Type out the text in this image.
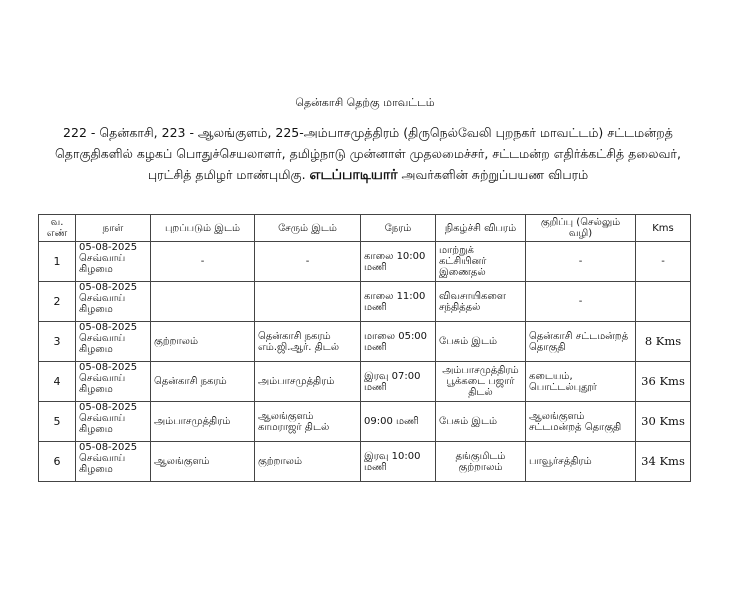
தென்காசி தெற்கு மாவட்டம்
222 - தென்காசி, 223 - ஆலங்குளம், 225-அம்பாசமுத்திரம் (திருநெல்வேலி புறநகர் மாவட்டம்) சட்டமன்றத் தொகுதிகளில் கழகப் பொதுச்செயலாளர், தமிழ்நாடு முன்னாள் முதலமைச்சர், சட்டமன்ற எதிர்க்கட்சித் தலைவர், புரட்சித் தமிழர் மாண்புமிகு. எடப்பாடியார் அவர்களின் சுற்றுப்பயண விபரம்
வ. எண்	நாள்	புறப்படும் இடம்	சேரும் இடம்	நேரம்	நிகழ்ச்சி விபரம்	குறிப்பு (செல்லும் வழி)	Kms
1	05-08-2025 செவ்வாய் கிழமை	-	-	காலை 10:00 மணி	மாற்றுக் கட்சியினர் இணைதல்	-	-
2	05-08-2025 செவ்வாய் கிழமை			காலை 11:00 மணி	விவசாயிகளை சந்தித்தல்	-	
3	05-08-2025 செவ்வாய் கிழமை	குற்றாலம்	தென்காசி நகரம் எம்.ஜி.ஆர். திடல்	மாலை 05:00 மணி	பேசும் இடம்	தென்காசி சட்டமன்றத் தொகுதி	8 Kms
4	05-08-2025 செவ்வாய் கிழமை	தென்காசி நகரம்	அம்பாசமுத்திரம்	இரவு 07:00 மணி	அம்பாசமுத்திரம் பூக்கடை பஜார் திடல்	கடையம், பொட்டல்புதூர்	36 Kms
5	05-08-2025 செவ்வாய் கிழமை	அம்பாசமுத்திரம்	ஆலங்குளம் காமராஜர் திடல்	09:00 மணி	பேசும் இடம்	ஆலங்குளம் சட்டமன்றத் தொகுதி	30 Kms
6	05-08-2025 செவ்வாய் கிழமை	ஆலங்குளம்	குற்றாலம்	இரவு 10:00 மணி	தங்குமிடம் குற்றாலம்	பாவூர்சத்திரம்	34 Kms
